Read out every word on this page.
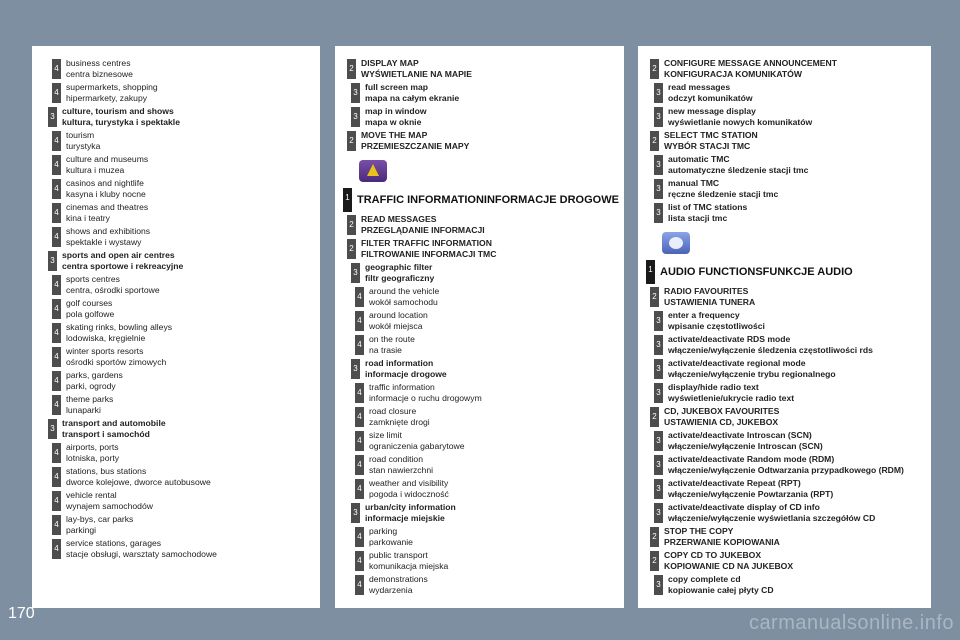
4
business centres
centra biznesowe
4
supermarkets, shopping
hipermarkety, zakupy
3
culture, tourism and shows
kultura, turystyka i spektakle
4
tourism
turystyka
4
culture and museums
kultura i muzea
4
casinos and nightlife
kasyna i kluby nocne
4
cinemas and theatres
kina i teatry
4
shows and exhibitions
spektakle i wystawy
3
sports and open air centres
centra sportowe i rekreacyjne
4
sports centres
centra, ośrodki sportowe
4
golf courses
pola golfowe
4
skating rinks, bowling alleys
lodowiska, kręgielnie
4
winter sports resorts
ośrodki sportów zimowych
4
parks, gardens
parki, ogrody
4
theme parks
lunaparki
3
transport and automobile
transport i samochód
4
airports, ports
lotniska, porty
4
stations, bus stations
dworce kolejowe, dworce autobusowe
4
vehicle rental
wynajem samochodów
4
lay-bys, car parks
parkingi
4
service stations, garages
stacje obsługi, warsztaty samochodowe
2
DISPLAY MAP
WYŚWIETLANIE NA MAPIE
3
full screen map
mapa na całym ekranie
3
map in window
mapa w oknie
2
MOVE THE MAP
PRZEMIESZCZANIE MAPY
1 TRAFFIC INFORMATIONINFORMACJE DROGOWE
2
READ MESSAGES
PRZEGLĄDANIE INFORMACJI
2
FILTER TRAFFIC INFORMATION
FILTROWANIE INFORMACJI TMC
3
geographic filter
filtr geograficzny
4
around the vehicle
wokół samochodu
4
around location
wokół miejsca
4
on the route
na trasie
3
road information
informacje drogowe
4
traffic information
informacje o ruchu drogowym
4
road closure
zamknięte drogi
4
size limit
ograniczenia gabarytowe
4
road condition
stan nawierzchni
4
weather and visibility
pogoda i widoczność
3
urban/city information
informacje miejskie
4
parking
parkowanie
4
public transport
komunikacja miejska
4
demonstrations
wydarzenia
2
CONFIGURE MESSAGE ANNOUNCEMENT
KONFIGURACJA KOMUNIKATÓW
3
read messages
odczyt komunikatów
3
new message display
wyświetlanie nowych komunikatów
2
SELECT TMC STATION
WYBÓR STACJI TMC
3
automatic TMC
automatyczne śledzenie stacji tmc
3
manual TMC
ręczne śledzenie stacji tmc
3
list of TMC stations
lista stacji tmc
1 AUDIO FUNCTIONSFUNKCJE AUDIO
2
RADIO FAVOURITES
USTAWIENIA TUNERA
3
enter a frequency
wpisanie częstotliwości
3
activate/deactivate RDS mode
włączenie/wyłączenie śledzenia częstotliwości rds
3
activate/deactivate regional mode
włączenie/wyłączenie trybu regionalnego
3
display/hide radio text
wyświetlenie/ukrycie radio text
2
CD, JUKEBOX FAVOURITES
USTAWIENIA CD, JUKEBOX
3
activate/deactivate Introscan (SCN)
włączenie/wyłączenie Introscan (SCN)
3
activate/deactivate Random mode (RDM)
włączenie/wyłączenie Odtwarzania przypadkowego (RDM)
3
activate/deactivate Repeat (RPT)
włączenie/wyłączenie Powtarzania (RPT)
3
activate/deactivate display of CD info
włączenie/wyłączenie wyświetlania szczegółów CD
2
STOP THE COPY
PRZERWANIE KOPIOWANIA
2
COPY CD TO JUKEBOX
KOPIOWANIE CD NA JUKEBOX
3
copy complete cd
kopiowanie całej płyty CD
170	carmanualsonline.info
